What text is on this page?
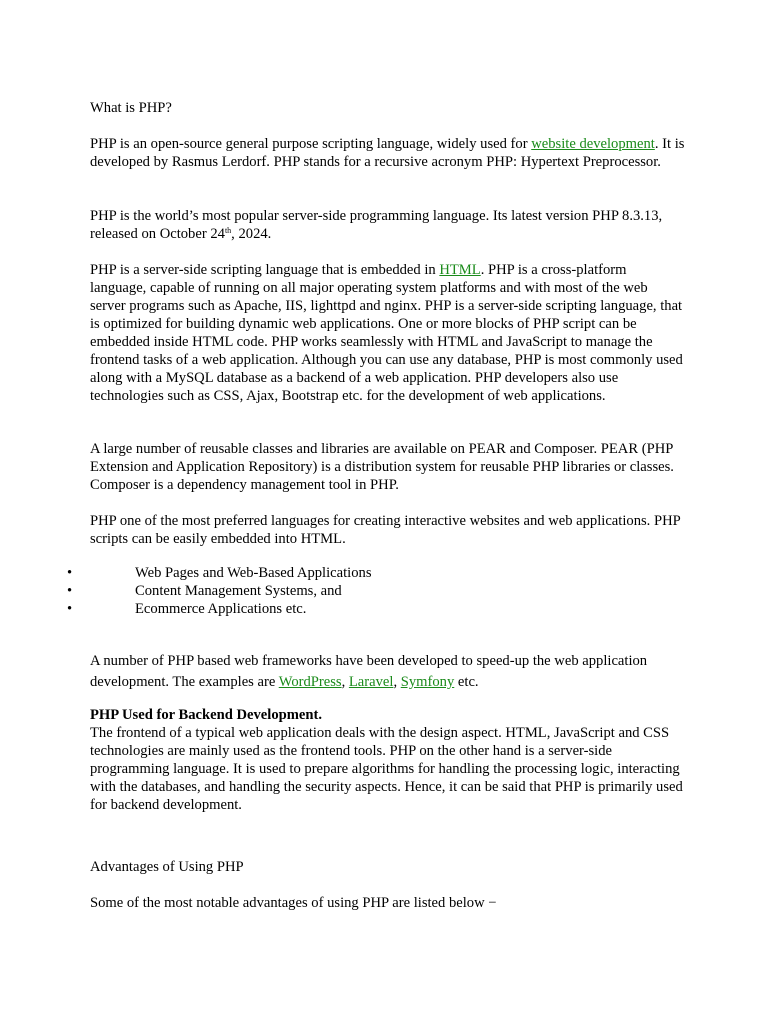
What is PHP?

PHP is an open-source general purpose scripting language, widely used for website development. It is developed by Rasmus Lerdorf. PHP stands for a recursive acronym PHP: Hypertext Preprocessor.

PHP is the world’s most popular server-side programming language. Its latest version PHP 8.3.13, released on October 24th, 2024.

PHP is a server-side scripting language that is embedded in HTML. PHP is a cross-platform language, capable of running on all major operating system platforms and with most of the web server programs such as Apache, IIS, lighttpd and nginx. PHP is a server-side scripting language, that is optimized for building dynamic web applications. One or more blocks of PHP script can be embedded inside HTML code. PHP works seamlessly with HTML and JavaScript to manage the frontend tasks of a web application. Although you can use any database, PHP is most commonly used along with a MySQL database as a backend of a web application. PHP developers also use technologies such as CSS, Ajax, Bootstrap etc. for the development of web applications.

A large number of reusable classes and libraries are available on PEAR and Composer. PEAR (PHP Extension and Application Repository) is a distribution system for reusable PHP libraries or classes. Composer is a dependency management tool in PHP.

PHP one of the most preferred languages for creating interactive websites and web applications. PHP scripts can be easily embedded into HTML.

•	Web Pages and Web-Based Applications
•	Content Management Systems, and
•	Ecommerce Applications etc.

A number of PHP based web frameworks have been developed to speed-up the web application development. The examples are WordPress, Laravel, Symfony etc.

PHP Used for Backend Development.
The frontend of a typical web application deals with the design aspect. HTML, JavaScript and CSS technologies are mainly used as the frontend tools. PHP on the other hand is a server-side programming language. It is used to prepare algorithms for handling the processing logic, interacting with the databases, and handling the security aspects. Hence, it can be said that PHP is primarily used for backend development.

Advantages of Using PHP

Some of the most notable advantages of using PHP are listed below −
